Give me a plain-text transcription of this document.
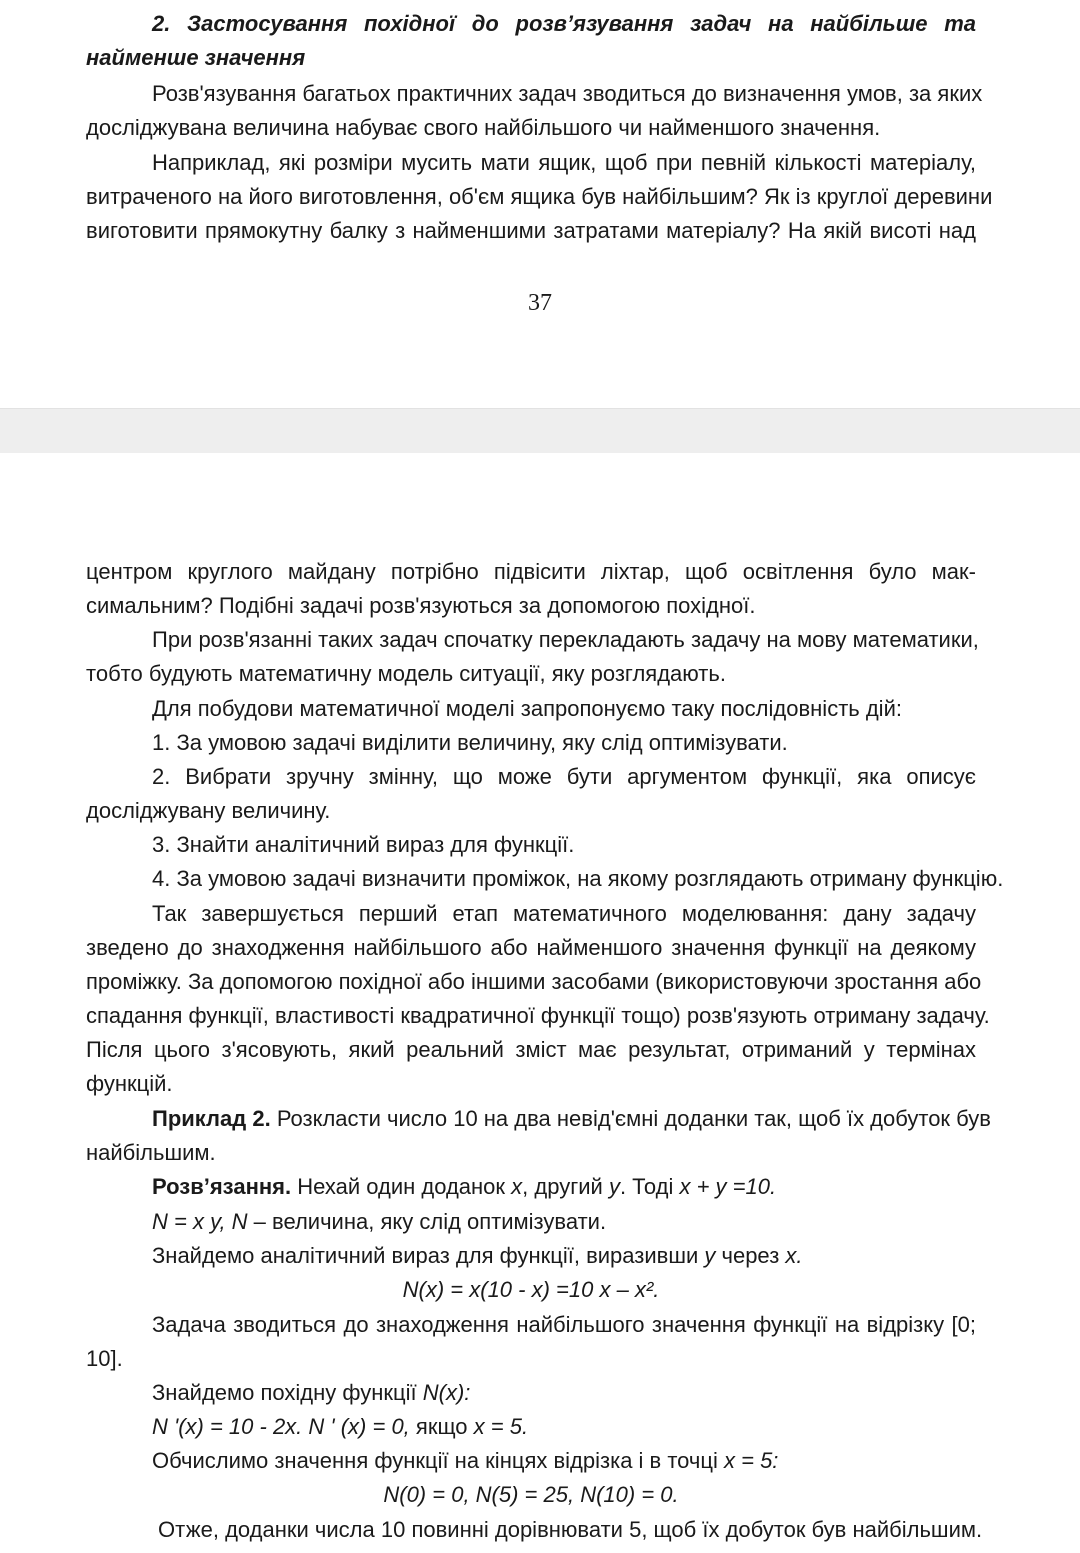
2. Застосування похідної до розв’язування задач на найбільше та
найменше значення
Розв'язування багатьох практичних задач зводиться до визначення умов, за яких
досліджувана величина набуває свого найбільшого чи найменшого значення.
Наприклад, які розміри мусить мати ящик, щоб при певній кількості матеріалу,
витраченого на його виготовлення, об'єм ящика був найбільшим? Як із круглої деревини
виготовити прямокутну балку з найменшими затратами матеріалу? На якій висоті над
37
центром круглого майдану потрібно підвісити ліхтар, щоб освітлення було мак-
симальним? Подібні задачі розв'язуються за допомогою похідної.
При розв'язанні таких задач спочатку перекладають задачу на мову математики,
тобто будують математичну модель ситуації, яку розглядають.
Для побудови математичної моделі запропонуємо таку послідовність дій:
1. За умовою задачі виділити величину, яку слід оптимізувати.
2. Вибрати зручну змінну, що може бути аргументом функції, яка описує
досліджувану величину.
3. Знайти аналітичний вираз для функції.
4. За умовою задачі визначити проміжок, на якому розглядають отриману функцію.
Так завершується перший етап математичного моделювання: дану задачу
зведено до знаходження найбільшого або найменшого значення функції на деякому
проміжку. За допомогою похідної або іншими засобами (використовуючи зростання або
спадання функції, властивості квадратичної функції тощо) розв'язують отриману задачу.
Після цього з'ясовують, який реальний зміст має результат, отриманий у термінах
функцій.
Приклад 2. Розкласти число 10 на два невід'ємні доданки так, щоб їх добуток був
найбільшим.
Розв’язання. Нехай один доданок x, другий y. Тоді x + y =10.
N = x y, N – величина, яку слід оптимізувати.
Знайдемо аналітичний вираз для функції, виразивши y через x.
N(x) = x(10 - x) =10 x – x².
Задача зводиться до знаходження найбільшого значення функції на відрізку [0;
10].
Знайдемо похідну функції N(x):
N '(x) = 10 - 2x. N ' (x) = 0, якщо x = 5.
Обчислимо значення функції на кінцях відрізка і в точці x = 5:
N(0) = 0, N(5) = 25, N(10) = 0.
Отже, доданки числа 10 повинні дорівнювати 5, щоб їх добуток був найбільшим.
